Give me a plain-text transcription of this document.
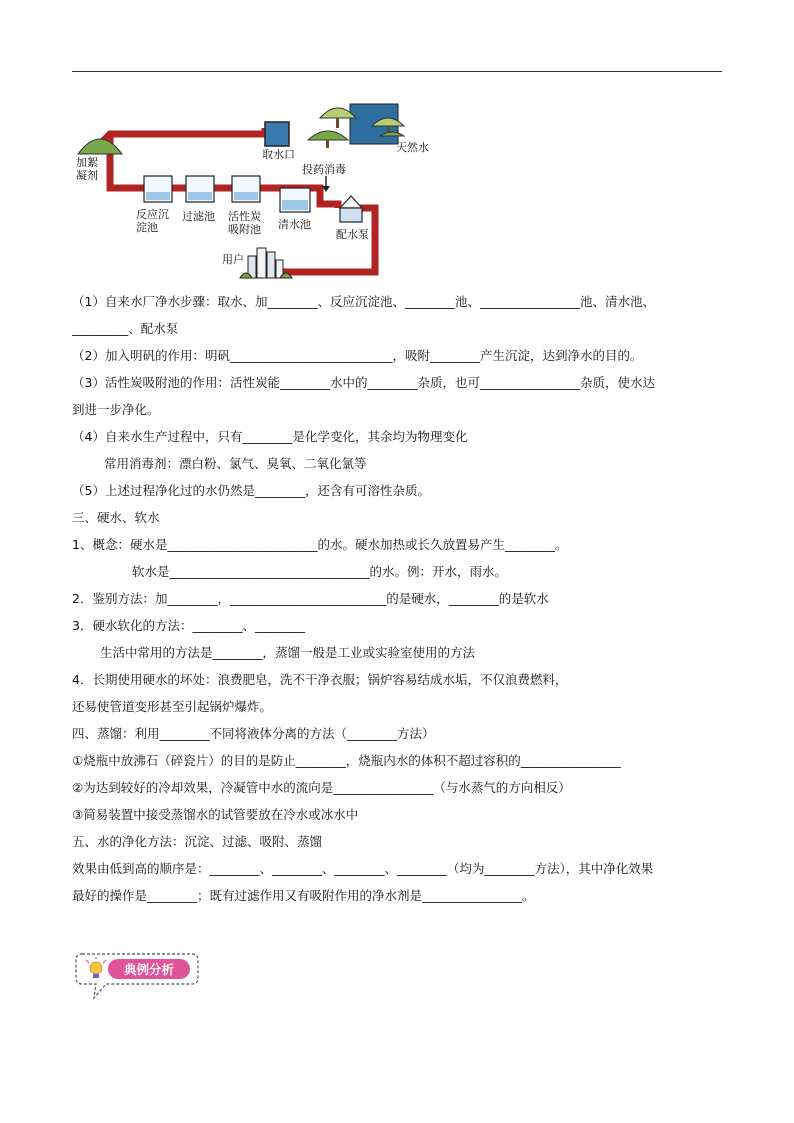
加絮
凝剂
取水口
天然水
投药消毒
反应沉
淀池
过滤池 活性炭
吸附池 清水池
配水泵
用户
（1）自来水厂净水步骤：取水、加________、反应沉淀池、________池、________________池、清水池、
_________、配水泵
（2）加入明矾的作用：明矾__________________________，吸附________产生沉淀，达到净水的目的。
（3）活性炭吸附池的作用：活性炭能________水中的________杂质，也可________________杂质，使水达
到进一步净化。
（4）自来水生产过程中，只有________是化学变化，其余均为物理变化
常用消毒剂：漂白粉、氯气、臭氧、二氧化氯等
（5）上述过程净化过的水仍然是________，还含有可溶性杂质。
三、硬水、软水
1、概念：硬水是________________________的水。硬水加热或长久放置易产生________。
软水是________________________________的水。例：开水，雨水。
2．鉴别方法：加________，_________________________的是硬水，________的是软水
3．硬水软化的方法：________、________
生活中常用的方法是________，蒸馏一般是工业或实验室使用的方法
4．长期使用硬水的坏处：浪费肥皂，洗不干净衣服；锅炉容易结成水垢，不仅浪费燃料，
还易使管道变形甚至引起锅炉爆炸。
四、蒸馏：利用________不同将液体分离的方法（________方法）
①烧瓶中放沸石（碎瓷片）的目的是防止________，烧瓶内水的体积不超过容积的________________
②为达到较好的冷却效果，冷凝管中水的流向是________________（与水蒸气的方向相反）
③简易装置中接受蒸馏水的试管要放在冷水或冰水中
五、水的净化方法：沉淀、过滤、吸附、蒸馏
效果由低到高的顺序是：________、________、________、________（均为________方法），其中净化效果
最好的操作是________；既有过滤作用又有吸附作用的净水剂是________________。
典例分析
